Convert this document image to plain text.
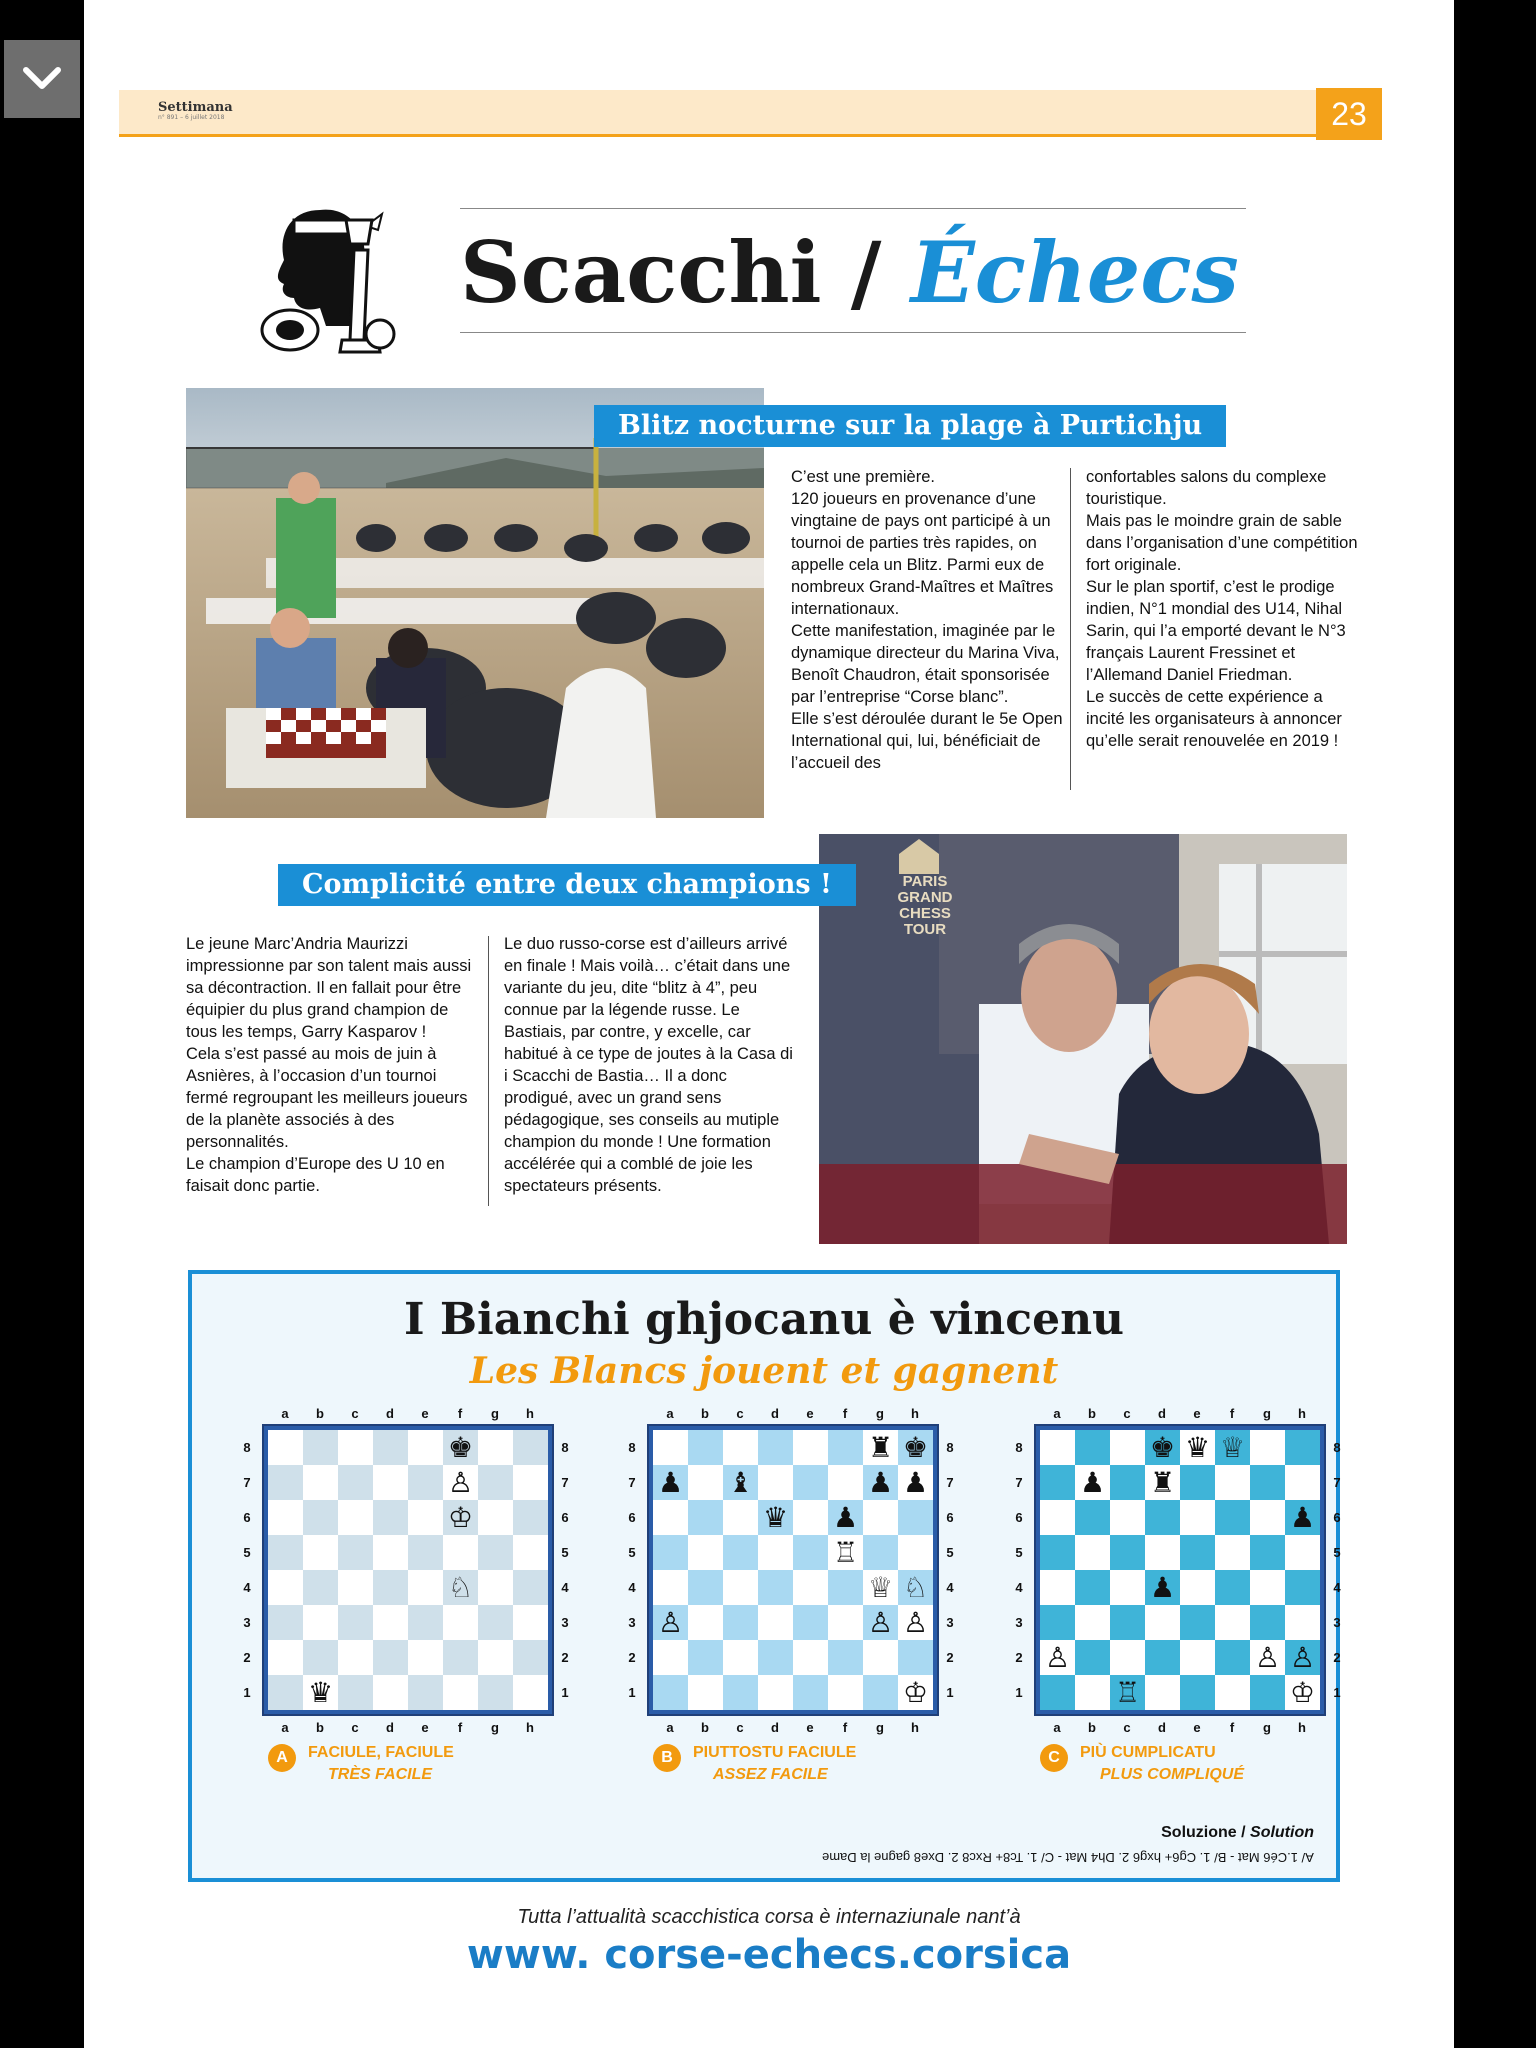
Settimana
n° 891 – 6 juillet 2018	23
Scacchi / Échecs
Blitz nocturne sur la plage à Purtichju
C’est une première.
120 joueurs en provenance d’une vingtaine de pays ont participé à un tournoi de parties très rapides, on appelle cela un Blitz. Parmi eux de nombreux Grand-Maîtres et Maîtres internationaux.
Cette manifestation, imaginée par le dynamique directeur du Marina Viva, Benoît Chaudron, était sponsorisée par l’entreprise “Corse blanc”.
Elle s’est déroulée durant le 5e Open International qui, lui, bénéficiait de l’accueil des
confortables salons du complexe touristique.
Mais pas le moindre grain de sable dans l’organisation d’une compétition fort originale.
Sur le plan sportif, c’est le prodige indien, N°1 mondial des U14, Nihal Sarin, qui l’a emporté devant le N°3 français Laurent Fressinet et l’Allemand Daniel Friedman.
Le succès de cette expérience a incité les organisateurs à annoncer qu’elle serait renouvelée en 2019 !
PARIS
GRAND
CHESS
TOUR
Complicité entre deux champions !
Le jeune Marc’Andria Maurizzi impressionne par son talent mais aussi sa décontraction. Il en fallait pour être équipier du plus grand champion de tous les temps, Garry Kasparov !
Cela s’est passé au mois de juin à Asnières, à l’occasion d’un tournoi fermé regroupant les meilleurs joueurs de la planète associés à des personnalités.
Le champion d’Europe des U 10 en faisait donc partie.
Le duo russo-corse est d’ailleurs arrivé en finale ! Mais voilà… c’était dans une variante du jeu, dite “blitz à 4”, peu connue par la légende russe. Le Bastiais, par contre, y excelle, car habitué à ce type de joutes à la Casa di i Scacchi de Bastia… Il a donc prodigué, avec un grand sens pédagogique, ses conseils au mutiple champion du monde ! Une formation accélérée qui a comblé de joie les spectateurs présents.
I Bianchi ghjocanu è vincenu
Les Blancs jouent et gagnent
Soluzione / Solution
A/ 1.Cé6 Mat - B/ 1. Cg6+ hxg6 2. Dh4 Mat - C/ 1. Tc8+ Rxc8 2. Dxe8 gagne la Dame
a
a
b
b
c
c
d
d
e
e
f
f
g
g
h
h
8	8
7	7
6	6
5	5
4	4
3	3
2	2
1	1
♚
♙
♔
♘
♛
A	FACIULE, FACIULE
TRÈS FACILE
a
a
b
b
c
c
d
d
e
e
f
f
g
g
h
h
8	8
7	7
6	6
5	5
4	4
3	3
2	2
1	1
♜ ♚
♟ ♝	♟ ♟
♛ ♟
♖
♕ ♘
♙	♙ ♙
♔
B	PIUTTOSTU FACIULE
ASSEZ FACILE
a
a
b
b
c
c
d
d
e
e
f
f
g
g
h
h
8	8
7	7
6	6
5	5
4	4
3	3
2	2
1	1
♚ ♛ ♕
♟ ♜
♟
♟
♙	♙ ♙
♖	♔
C	PIÙ CUMPLICATU
PLUS COMPLIQUÉ
Tutta l’attualità scacchistica corsa è internaziunale nant’à
www. corse-echecs.corsica
